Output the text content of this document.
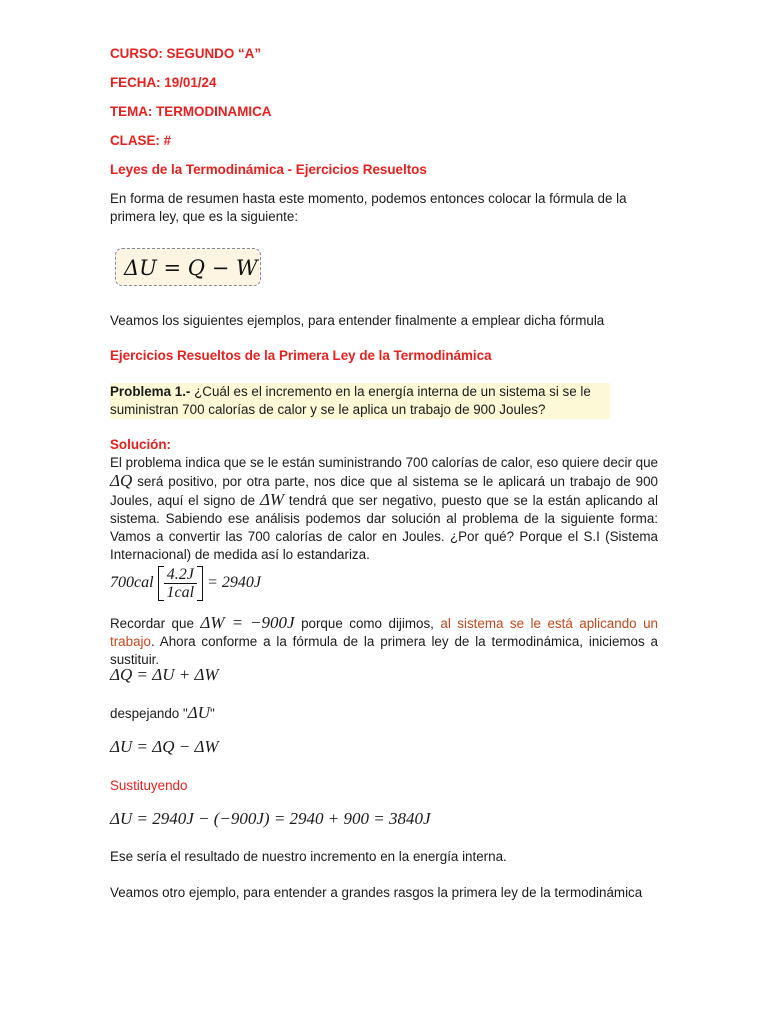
CURSO: SEGUNDO “A”
FECHA: 19/01/24
TEMA: TERMODINAMICA
CLASE: #
Leyes de la Termodinámica - Ejercicios Resueltos
En forma de resumen hasta este momento, podemos entonces colocar la fórmula de la primera ley, que es la siguiente:
ΔU = Q − W
Veamos los siguientes ejemplos, para entender finalmente a emplear dicha fórmula
Ejercicios Resueltos de la Primera Ley de la Termodinámica
Problema 1.- ¿Cuál es el incremento en la energía interna de un sistema si se le suministran 700 calorías de calor y se le aplica un trabajo de 900 Joules?
Solución:
El problema indica que se le están suministrando 700 calorías de calor, eso quiere decir que ΔQ será positivo, por otra parte, nos dice que al sistema se le aplicará un trabajo de 900 Joules, aquí el signo de ΔW tendrá que ser negativo, puesto que se la están aplicando al sistema. Sabiendo ese análisis podemos dar solución al problema de la siguiente forma: Vamos a convertir las 700 calorías de calor en Joules. ¿Por qué? Porque el S.I (Sistema Internacional) de medida así lo estandariza.
$700cal \frac{4.2J}{\text{1cal}} = 2940J$
Recordar que ΔW = −900J porque como dijimos, al sistema se le está aplicando un trabajo. Ahora conforme a la fórmula de la primera ley de la termodinámica, iniciemos a sustituir.
ΔQ = ΔU + ΔW
despejando "ΔU"
ΔU = ΔQ − ΔW
Sustituyendo
ΔU = 2940J − (−900J) = 2940 + 900 = 3840J
Ese sería el resultado de nuestro incremento en la energía interna.
Veamos otro ejemplo, para entender a grandes rasgos la primera ley de la termodinámica
